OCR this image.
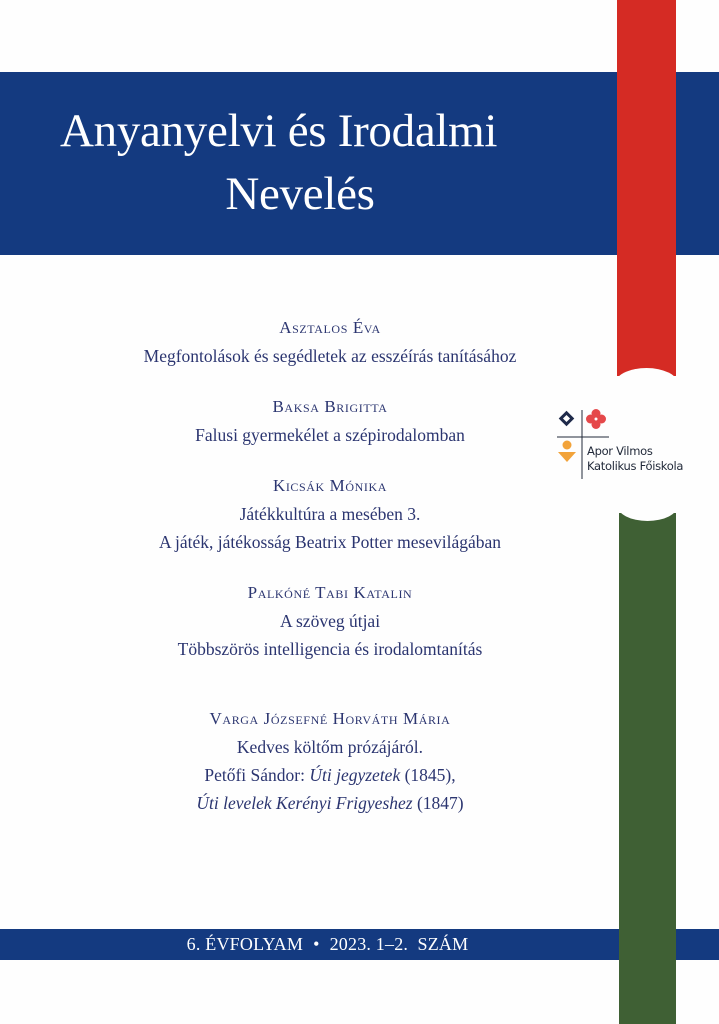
Anyanyelvi és Irodalmi
Nevelés
Asztalos Éva
Megfontolások és segédletek az esszéírás tanításához
Baksa Brigitta
Falusi gyermekélet a szépirodalomban
Kicsák Mónika
Játékkultúra a mesében 3.
A játék, játékosság Beatrix Potter mesevilágában
Palkóné Tabi Katalin
A szöveg útjai
Többszörös intelligencia és irodalomtanítás
Varga Józsefné Horváth Mária
Kedves költőm prózájáról.
Petőfi Sándor: Úti jegyzetek (1845),
Úti levelek Kerényi Frigyeshez (1847)
Apor Vilmos
Katolikus Főiskola
6. ÉVFOLYAM • 2023. 1–2.  SZÁM
